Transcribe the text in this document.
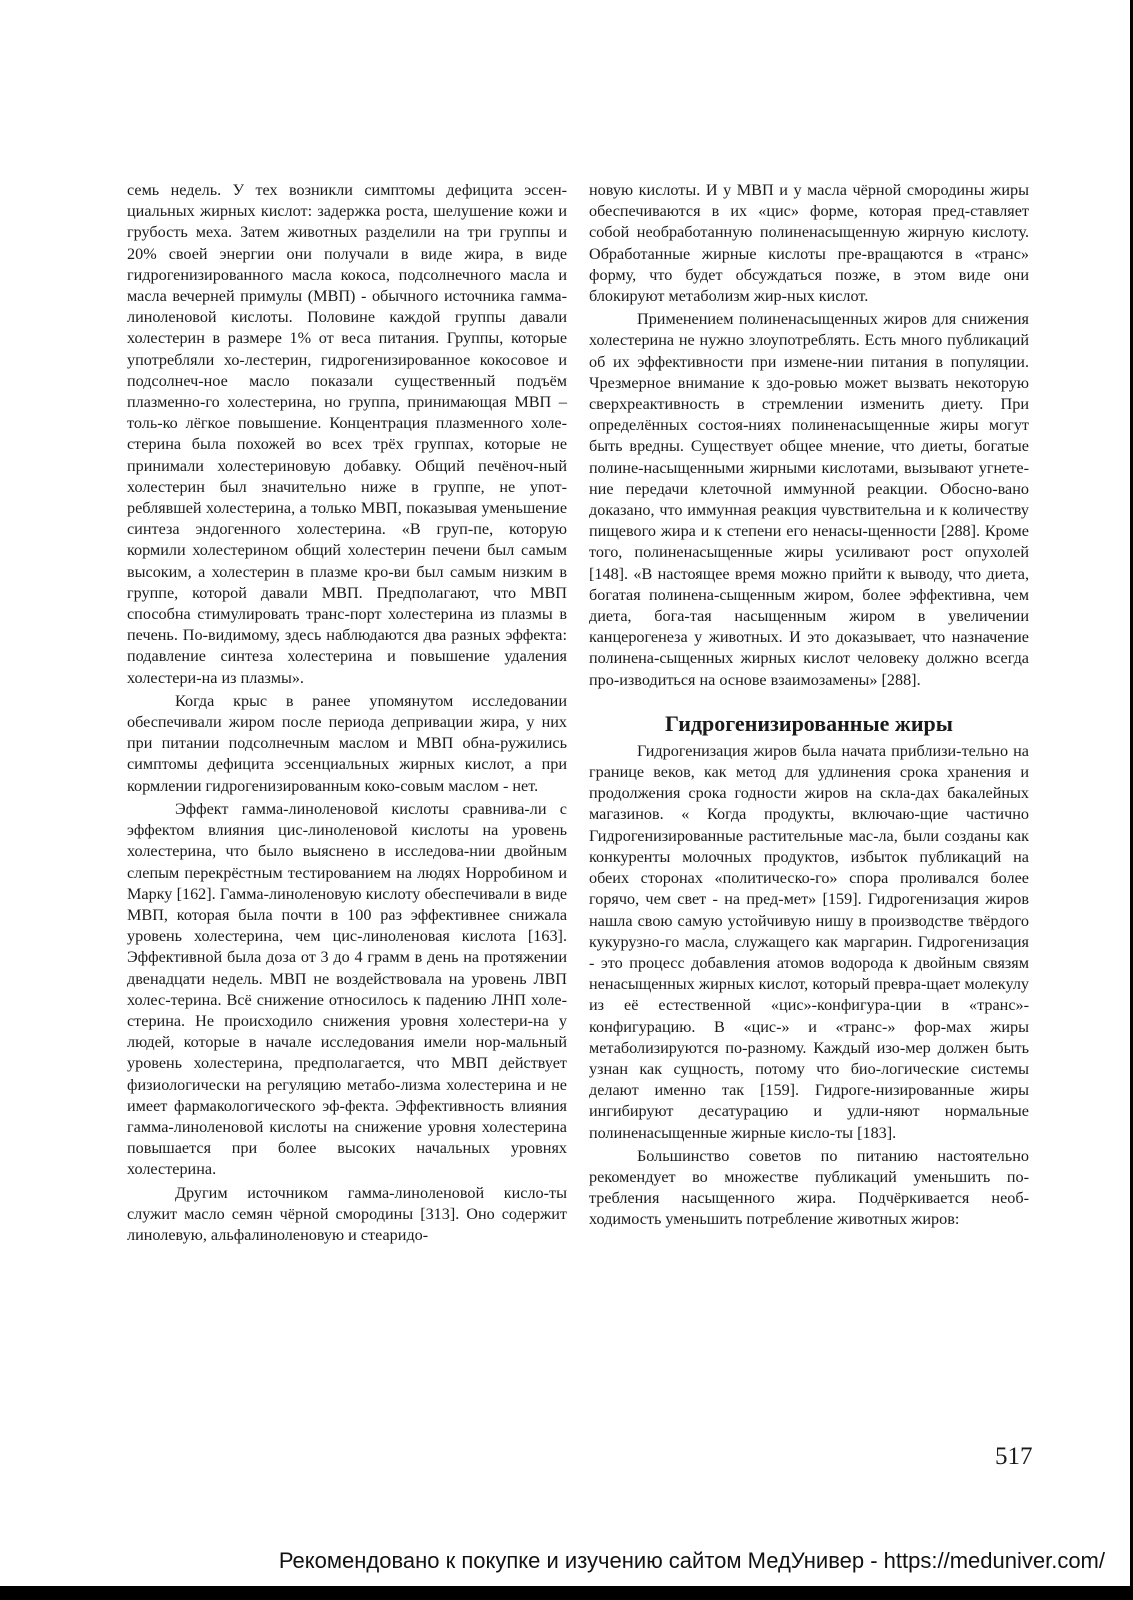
семь недель. У тех возникли симптомы дефицита эссен-циальных жирных кислот: задержка роста, шелушение кожи и грубость меха. Затем животных разделили на три группы и 20% своей энергии они получали в виде жира, в виде гидрогенизированного масла кокоса, подсолнечного масла и масла вечерней примулы (МВП) - обычного источника гамма- линоленовой кислоты. Половине каждой группы давали холестерин в размере 1% от веса питания. Группы, которые употребляли хо-лестерин, гидрогенизированное кокосовое и подсолнеч-ное масло показали существенный подъём плазменно-го холестерина, но группа, принимающая МВП – толь-ко лёгкое повышение. Концентрация плазменного холе-стерина была похожей во всех трёх группах, которые не принимали холестериновую добавку. Общий печёноч-ный холестерин был значительно ниже в группе, не упот-реблявшей холестерина, а только МВП, показывая уменьшение синтеза эндогенного холестерина. «В груп-пе, которую кормили холестерином общий холестерин печени был самым высоким, а холестерин в плазме кро-ви был самым низким в группе, которой давали МВП. Предполагают, что МВП способна стимулировать транс-порт холестерина из плазмы в печень. По-видимому, здесь наблюдаются два разных эффекта: подавление синтеза холестерина и повышение удаления холестери-на из плазмы».

Когда крыс в ранее упомянутом исследовании обеспечивали жиром после периода депривации жира, у них при питании подсолнечным маслом и МВП обна-ружились симптомы дефицита эссенциальных жирных кислот, а при кормлении гидрогенизированным коко-совым маслом - нет.

Эффект гамма-линоленовой кислоты сравнива-ли с эффектом влияния цис-линоленовой кислоты на уровень холестерина, что было выяснено в исследова-нии двойным слепым перекрёстным тестированием на людях Норробином и Марку [162]. Гамма-линоленовую кислоту обеспечивали в виде МВП, которая была почти в 100 раз эффективнее снижала уровень холестерина, чем цис-линоленовая кислота [163]. Эффективной была доза от 3 до 4 грамм в день на протяжении двенадцати недель. МВП не воздействовала на уровень ЛВП холес-терина. Всё снижение относилось к падению ЛНП холе-стерина. Не происходило снижения уровня холестери-на у людей, которые в начале исследования имели нор-мальный уровень холестерина, предполагается, что МВП действует физиологически на регуляцию метабо-лизма холестерина и не имеет фармакологического эф-фекта. Эффективность влияния гамма-линоленовой кислоты на снижение уровня холестерина повышается при более высоких начальных уровнях холестерина.

Другим источником гамма-линоленовой кисло-ты служит масло семян чёрной смородины [313]. Оно содержит линолевую, альфалиноленовую и стеаридо-

новую кислоты. И у МВП и у масла чёрной смородины жиры обеспечиваются в их «цис» форме, которая пред-ставляет собой необработанную полиненасыщенную жирную кислоту. Обработанные жирные кислоты пре-вращаются в «транс» форму, что будет обсуждаться позже, в этом виде они блокируют метаболизм жир-ных кислот.

Применением полиненасыщенных жиров для снижения холестерина не нужно злоупотреблять. Есть много публикаций об их эффективности при измене-нии питания в популяции. Чрезмерное внимание к здо-ровью может вызвать некоторую сверхреактивность в стремлении изменить диету. При определённых состоя-ниях полиненасыщенные жиры могут быть вредны. Существует общее мнение, что диеты, богатые полине-насыщенными жирными кислотами, вызывают угнете-ние передачи клеточной иммунной реакции. Обосно-вано доказано, что иммунная реакция чувствительна и к количеству пищевого жира и к степени его ненасы-щенности [288]. Кроме того, полиненасыщенные жиры усиливают рост опухолей [148]. «В настоящее время можно прийти к выводу, что диета, богатая полинена-сыщенным жиром, более эффективна, чем диета, бога-тая насыщенным жиром в увеличении канцерогенеза у животных. И это доказывает, что назначение полинена-сыщенных жирных кислот человеку должно всегда про-изводиться на основе взаимозамены» [288].

Гидрогенизированные жиры

Гидрогенизация жиров была начата приблизи-тельно на границе веков, как метод для удлинения срока хранения и продолжения срока годности жиров на скла-дах бакалейных магазинов. « Когда продукты, включаю-щие частично Гидрогенизированные растительные мас-ла, были созданы как конкуренты молочных продуктов, избыток публикаций на обеих сторонах «политическо-го» спора проливался более горячо, чем свет - на пред-мет» [159]. Гидрогенизация жиров нашла свою самую устойчивую нишу в производстве твёрдого кукурузно-го масла, служащего как маргарин. Гидрогенизация - это процесс добавления атомов водорода к двойным связям ненасыщенных жирных кислот, который превра-щает молекулу из её естественной «цис»-конфигура-ции в «транс»-конфигурацию. В «цис-» и «транс-» фор-мах жиры метаболизируются по-разному. Каждый изо-мер должен быть узнан как сущность, потому что био-логические системы делают именно так [159]. Гидроге-низированные жиры ингибируют десатурацию и удли-няют нормальные полиненасыщенные жирные кисло-ты [183].

Большинство советов по питанию настоятельно рекомендует во множестве публикаций уменьшить по-требления насыщенного жира. Подчёркивается необ-ходимость уменьшить потребление животных жиров:

517
Рекомендовано к покупке и изучению сайтом МедУнивер - https://meduniver.com/
